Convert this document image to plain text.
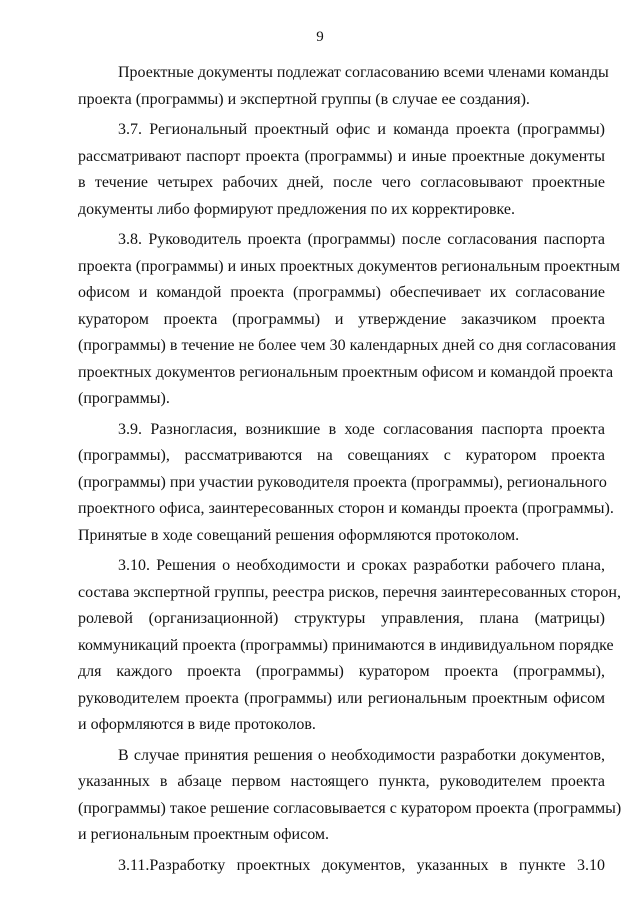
9
Проектные документы подлежат согласованию всеми членами команды
проекта (программы) и экспертной группы (в случае ее создания).
3.7. Региональный проектный офис и команда проекта (программы)
рассматривают паспорт проекта (программы) и иные проектные документы
в течение четырех рабочих дней, после чего согласовывают проектные
документы либо формируют предложения по их корректировке.
3.8. Руководитель проекта (программы) после согласования паспорта
проекта (программы) и иных проектных документов региональным проектным
офисом и командой проекта (программы) обеспечивает их согласование
куратором проекта (программы) и утверждение заказчиком проекта
(программы) в течение не более чем 30 календарных дней со дня согласования
проектных документов региональным проектным офисом и командой проекта
(программы).
3.9. Разногласия, возникшие в ходе согласования паспорта проекта
(программы), рассматриваются на совещаниях с куратором проекта
(программы) при участии руководителя проекта (программы), регионального
проектного офиса, заинтересованных сторон и команды проекта (программы).
Принятые в ходе совещаний решения оформляются протоколом.
3.10. Решения о необходимости и сроках разработки рабочего плана,
состава экспертной группы, реестра рисков, перечня заинтересованных сторон,
ролевой (организационной) структуры управления, плана (матрицы)
коммуникаций проекта (программы) принимаются в индивидуальном порядке
для каждого проекта (программы) куратором проекта (программы),
руководителем проекта (программы) или региональным проектным офисом
и оформляются в виде протоколов.
В случае принятия решения о необходимости разработки документов,
указанных в абзаце первом настоящего пункта, руководителем проекта
(программы) такое решение согласовывается с куратором проекта (программы)
и региональным проектным офисом.
3.11.Разработку проектных документов, указанных в пункте 3.10
